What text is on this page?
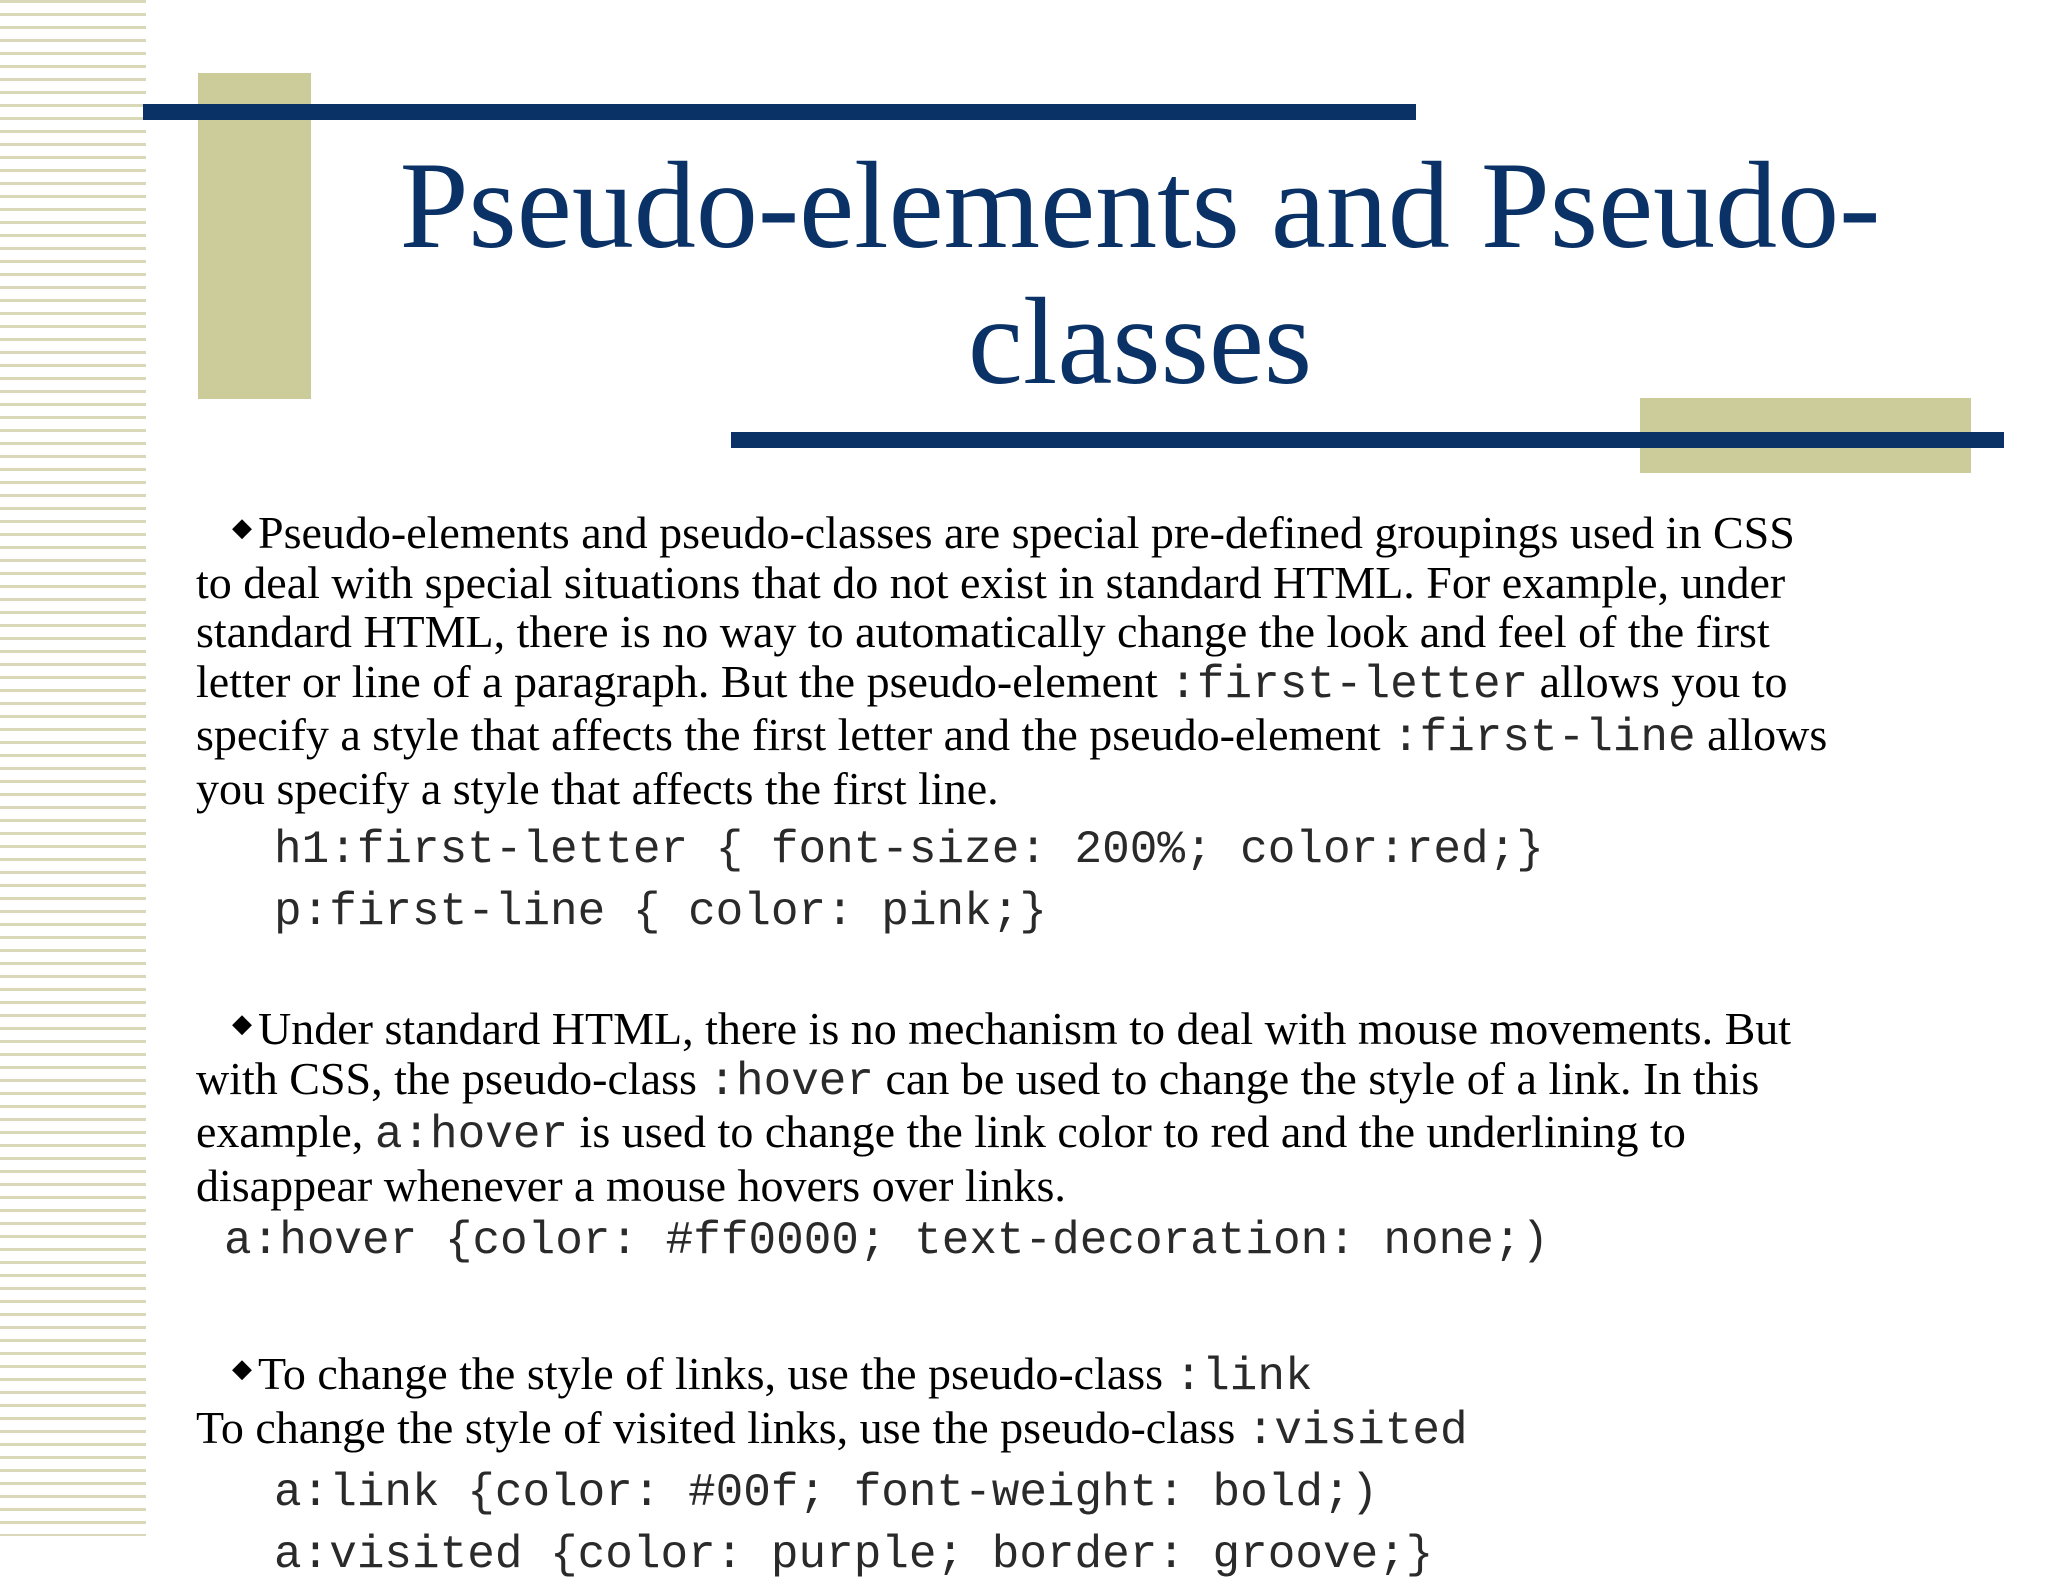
Pseudo-elements and Pseudo-
classes

◆ Pseudo-elements and pseudo-classes are special pre-defined groupings used in CSS
to deal with special situations that do not exist in standard HTML. For example, under
standard HTML, there is no way to automatically change the look and feel of the first
letter or line of a paragraph. But the pseudo-element :first-letter allows you to
specify a style that affects the first letter and the pseudo-element :first-line allows
you specify a style that affects the first line.

h1:first-letter { font-size: 200%; color:red;}

p:first-line { color: pink;}

◆ Under standard HTML, there is no mechanism to deal with mouse movements. But
with CSS, the pseudo-class :hover can be used to change the style of a link. In this
example, a:hover is used to change the link color to red and the underlining to
disappear whenever a mouse hovers over links.

a:hover {color: #ff0000; text-decoration: none;)

◆ To change the style of links, use the pseudo-class :link
To change the style of visited links, use the pseudo-class :visited

a:link {color: #00f; font-weight: bold;)

a:visited {color: purple; border: groove;}
